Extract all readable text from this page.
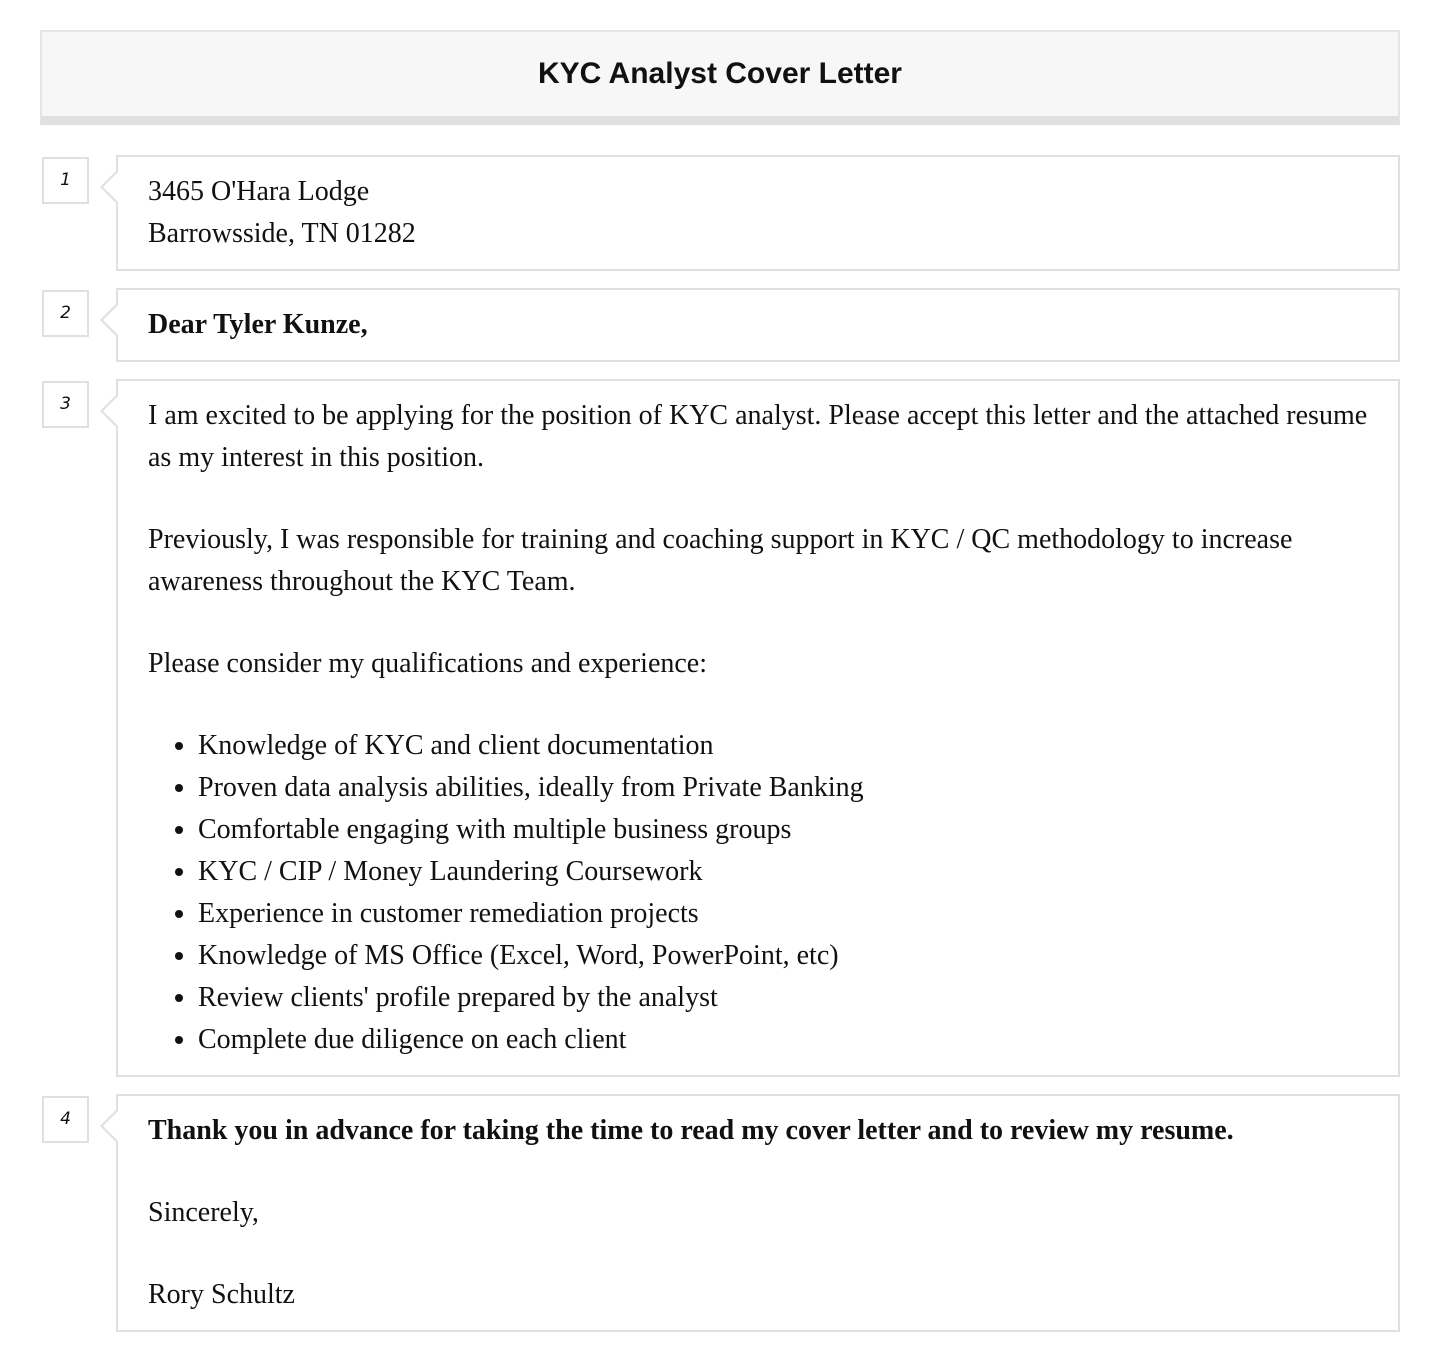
KYC Analyst Cover Letter
1	3465 O'Hara Lodge
Barrowsside, TN 01282
2	Dear Tyler Kunze,
3	I am excited to be applying for the position of KYC analyst. Please accept this letter and the attached resume as my interest in this position.

Previously, I was responsible for training and coaching support in KYC / QC methodology to increase awareness throughout the KYC Team.

Please consider my qualifications and experience:

• Knowledge of KYC and client documentation
• Proven data analysis abilities, ideally from Private Banking
• Comfortable engaging with multiple business groups
• KYC / CIP / Money Laundering Coursework
• Experience in customer remediation projects
• Knowledge of MS Office (Excel, Word, PowerPoint, etc)
• Review clients' profile prepared by the analyst
• Complete due diligence on each client
4	Thank you in advance for taking the time to read my cover letter and to review my resume.

Sincerely,

Rory Schultz
